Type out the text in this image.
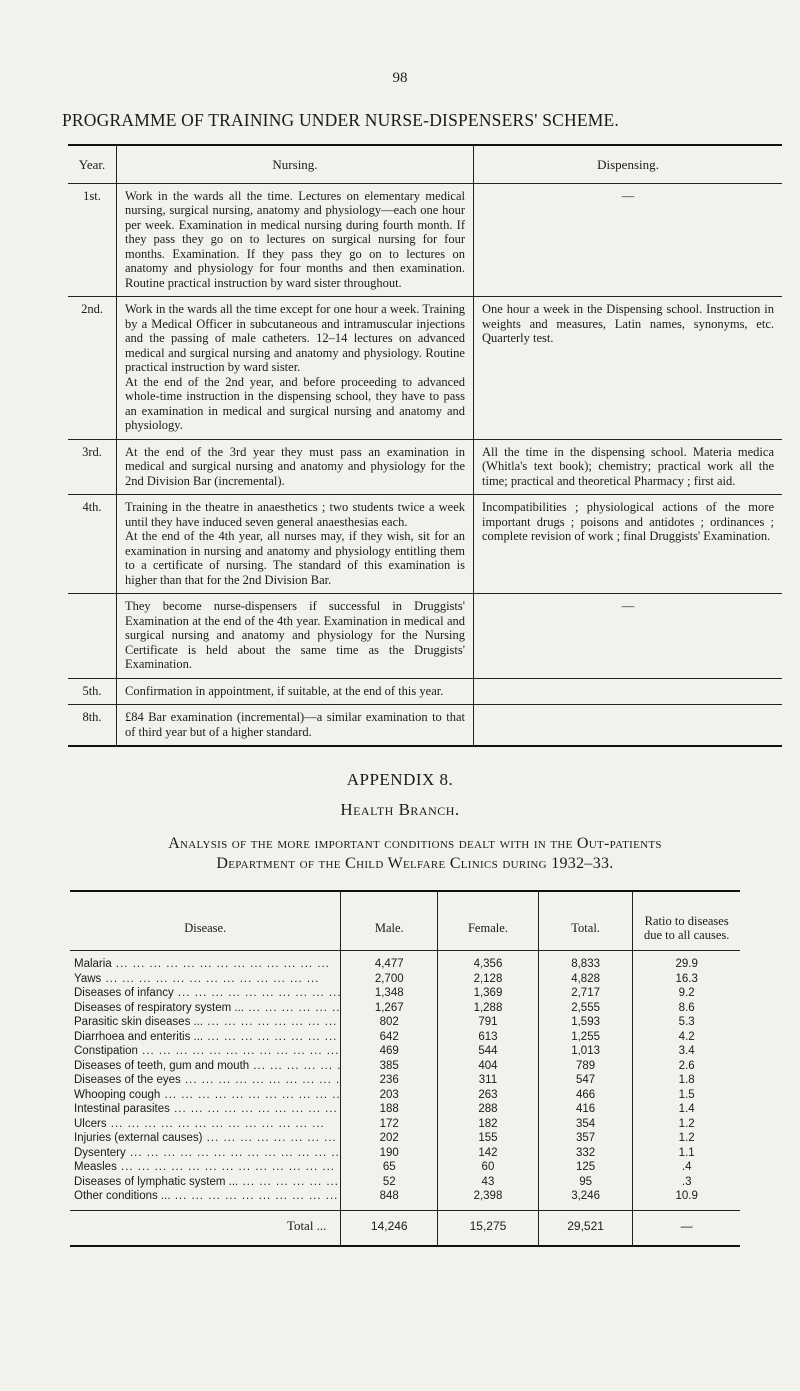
98
PROGRAMME OF TRAINING UNDER NURSE-DISPENSERS' SCHEME.
Year.	Nursing.	Dispensing.
1st.	Work in the wards all the time. Lectures on elementary medical nursing, surgical nursing, anatomy and physiology—each one hour per week. Examination in medical nursing during fourth month. If they pass they go on to lectures on surgical nursing for four months. Examination. If they pass they go on to lectures on anatomy and physiology for four months and then examination. Routine practical instruction by ward sister throughout.	—

2nd.	Work in the wards all the time except for one hour a week. Training by a Medical Officer in subcutaneous and intramuscular injections and the passing of male catheters. 12–14 lectures on advanced medical and surgical nursing and anatomy and physiology. Routine practical instruction by ward sister.
At the end of the 2nd year, and before proceeding to advanced whole-time instruction in the dispensing school, they have to pass an examination in medical and surgical nursing and anatomy and physiology.	One hour a week in the Dispensing school. Instruction in weights and measures, Latin names, synonyms, etc. Quarterly test.
3rd.	At the end of the 3rd year they must pass an examination in medical and surgical nursing and anatomy and physiology for the 2nd Division Bar (incremental).	All the time in the dispensing school. Materia medica (Whitla's text book); chemistry; practical work all the time; practical and theoretical Pharmacy ; first aid.
4th.	Training in the theatre in anaesthetics ; two students twice a week until they have induced seven general anaesthesias each.
At the end of the 4th year, all nurses may, if they wish, sit for an examination in nursing and anatomy and physiology entitling them to a certificate of nursing. The standard of this examination is higher than that for the 2nd Division Bar.	Incompatibilities ; physiological actions of the more important drugs ; poisons and antidotes ; ordinances ; complete revision of work ; final Druggists' Examination.
	They become nurse-dispensers if successful in Druggists' Examination at the end of the 4th year. Examination in medical and surgical nursing and anatomy and physiology for the Nursing Certificate is held about the same time as the Druggists' Examination.	—

5th.	Confirmation in appointment, if suitable, at the end of this year.	
8th.	£84 Bar examination (incremental)—a similar examination to that of third year but of a higher standard.	
APPENDIX 8.
Health Branch.
Analysis of the more important conditions dealt with in the Out-patients
Department of the Child Welfare Clinics during 1932–33.
Disease.	Male.	Female.	Total.	Ratio to diseases due to all causes.
Malaria ... .	4,477	4,356	8,833	29.9
Yaws ... .	2,700	2,128	4,828	16.3
Diseases of infancy ... .	1,348	1,369	2,717	9.2
Diseases of respiratory system ... ... .	1,267	1,288	2,555	8.6
Parasitic skin diseases ... ... .	802	791	1,593	5.3
Diarrhoea and enteritis ... ... .	642	613	1,255	4.2
Constipation ... .	469	544	1,013	3.4
Diseases of teeth, gum and mouth ... .	385	404	789	2.6
Diseases of the eyes ... .	236	311	547	1.8
Whooping cough ... .	203	263	466	1.5
Intestinal parasites ... .	188	288	416	1.4
Ulcers ... .	172	182	354	1.2
Injuries (external causes) ... .	202	155	357	1.2
Dysentery ... .	190	142	332	1.1
Measles ... .	65	60	125	.4
Diseases of lymphatic system ... ... .	52	43	95	.3
Other conditions ... ... .	848	2,398	3,246	10.9
Total ...	14,246	15,275	29,521	—
